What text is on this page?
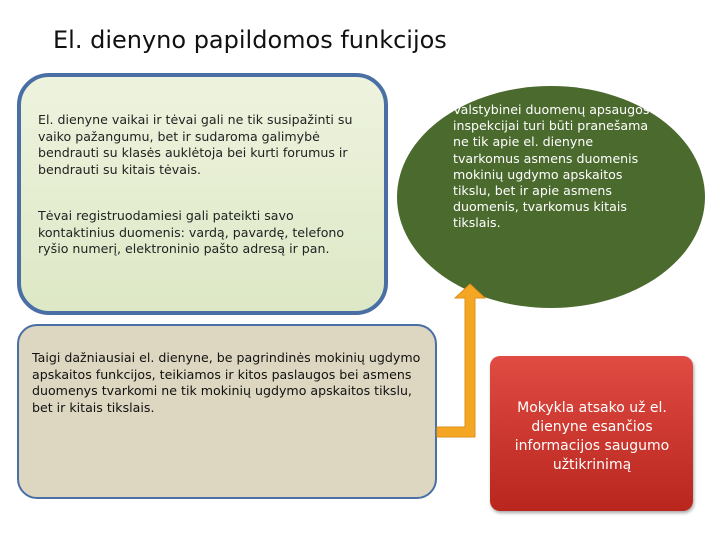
El. dienyno papildomos funkcijos

El. dienyne vaikai ir tėvai gali ne tik susipažinti su vaiko pažangumu, bet ir sudaroma galimybė bendrauti su klasės auklėtoja bei kurti forumus ir bendrauti su kitais tėvais.

Tėvai registruodamiesi gali pateikti savo kontaktinius duomenis: vardą, pavardę, telefono ryšio numerį, elektroninio pašto adresą ir pan.

Taigi dažniausiai el. dienyne, be pagrindinės mokinių ugdymo apskaitos funkcijos, teikiamos ir kitos paslaugos bei asmens duomenys tvarkomi ne tik mokinių ugdymo apskaitos tikslu, bet ir kitais tikslais.

Valstybinei duomenų apsaugos inspekcijai turi būti pranešama ne tik apie el. dienyne tvarkomus asmens duomenis mokinių ugdymo apskaitos tikslu, bet ir apie asmens duomenis, tvarkomus kitais tikslais.

Mokykla atsako už el. dienyne esančios informacijos saugumo užtikrinimą
